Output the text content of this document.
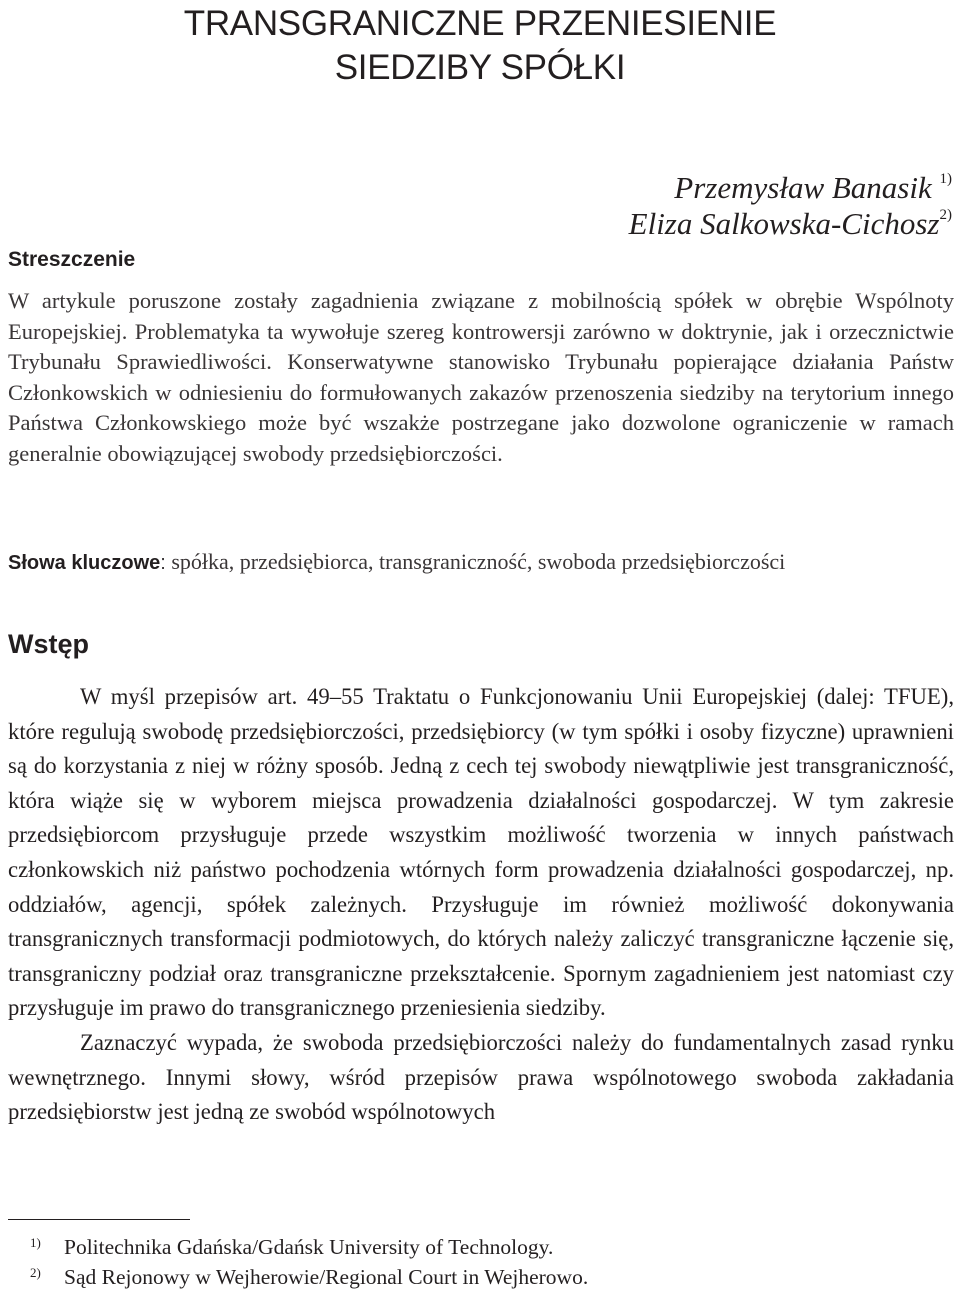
TRANSGRANICZNE PRZENIESIENIE
SIEDZIBY SPÓŁKI
Przemysław Banasik $^{1)}$
Eliza Salkowska-Cichosz$^{2)}$
Streszczenie

W artykule poruszone zostały zagadnienia związane z mobilnością spółek w obrębie Wspólnoty Europejskiej. Problematyka ta wywołuje szereg kontrowersji zarówno w doktrynie, jak i orzecznictwie Trybunału Sprawiedliwości. Konserwatywne stanowisko Trybunału popierające działania Państw Członkowskich w odniesieniu do formułowanych zakazów przenoszenia siedziby na terytorium innego Państwa Członkowskiego może być wszakże postrzegane jako dozwolone ograniczenie w ramach generalnie obowiązującej swobody przedsiębiorczości.

Słowa kluczowe: spółka, przedsiębiorca, transgraniczność, swoboda przedsiębiorczości

Wstęp

W myśl przepisów art. 49–55 Traktatu o Funkcjonowaniu Unii Europejskiej (dalej: TFUE), które regulują swobodę przedsiębiorczości, przedsiębiorcy (w tym spółki i osoby fizyczne) uprawnieni są do korzystania z niej w różny sposób. Jedną z cech tej swobody niewątpliwie jest transgraniczność, która wiąże się w wyborem miejsca prowadzenia działalności gospodarczej. W tym zakresie przedsiębiorcom przysługuje przede wszystkim możliwość tworzenia w innych państwach członkowskich niż państwo pochodzenia wtórnych form prowadzenia działalności gospodarczej, np. oddziałów, agencji, spółek zależnych. Przysługuje im również możliwość dokonywania transgranicznych transformacji podmiotowych, do których należy zaliczyć transgraniczne łączenie się, transgraniczny podział oraz transgraniczne przekształcenie. Spornym zagadnieniem jest natomiast czy przysługuje im prawo do transgranicznego przeniesienia siedziby.

Zaznaczyć wypada, że swoboda przedsiębiorczości należy do fundamentalnych zasad rynku wewnętrznego. Innymi słowy, wśród przepisów prawa wspólnotowego swoboda zakładania przedsiębiorstw jest jedną ze swobód wspólnotowych

1) Politechnika Gdańska/Gdańsk University of Technology.
2) Sąd Rejonowy w Wejherowie/Regional Court in Wejherowo.
